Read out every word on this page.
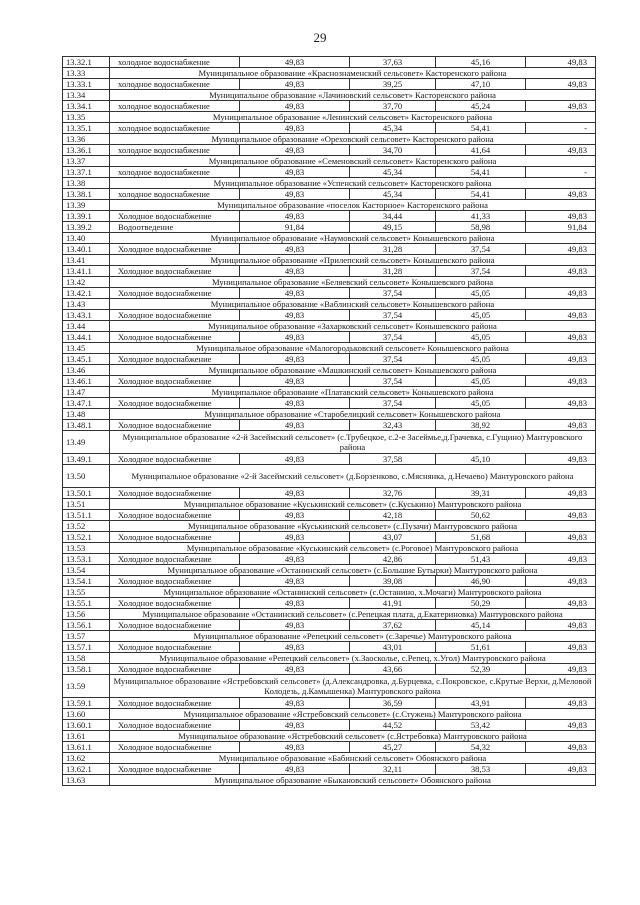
29
13.32.1	холодное водоснабжение	49,83	37,63	45,16	49,83
13.33	Муниципальное образование «Краснознаменский сельсовет» Касторенского района				
13.33.1	холодное водоснабжение	49,83	39,25	47,10	49,83
13.34	Муниципальное образование «Лачиновский сельсовет» Касторенского района				
13.34.1	холодное водоснабжение	49,83	37,70	45,24	49,83
13.35	Муниципальное образование «Ленинский сельсовет» Касторенского района				
13.35.1	холодное водоснабжение	49,83	45,34	54,41	-
13.36	Муниципальное образование «Ореховский сельсовет» Касторенского района				
13.36.1	холодное водоснабжение	49,83	34,70	41,64	49,83
13.37	Муниципальное образование «Семеновский сельсовет» Касторенского района				
13.37.1	холодное водоснабжение	49,83	45,34	54,41	-
13.38	Муниципальное образование «Успенский сельсовет» Касторенского района				
13.38.1	холодное водоснабжение	49,83	45,34	54,41	49,83
13.39	Муниципальное образование «поселок Касторное» Касторенского района				
13.39.1	Холодное водоснабжение	49,83	34,44	41,33	49,83
13.39.2	Водоотведение	91,84	49,15	58,98	91,84
13.40	Муниципальное образование «Наумовский сельсовет» Конышевского района				
13.40.1	Холодное водоснабжение	49,83	31,28	37,54	49,83
13.41	Муниципальное образование «Прилепский сельсовет» Конышевского района				
13.41.1	Холодное водоснабжение	49,83	31,28	37,54	49,83
13.42	Муниципальное образование «Беляевский сельсовет» Конышевского района				
13.42.1	Холодное водоснабжение	49,83	37,54	45,05	49,83
13.43	Муниципальное образование «Ваблинский сельсовет» Конышевского района				
13.43.1	Холодное водоснабжение	49,83	37,54	45,05	49,83
13.44	Муниципальное образование «Захарковский сельсовет» Конышевского района				
13.44.1	Холодное водоснабжение	49,83	37,54	45,05	49,83
13.45	Муниципальное образование «Малогородьковский сельсовет» Конышевского района				
13.45.1	Холодное водоснабжение	49,83	37,54	45,05	49,83
13.46	Муниципальное образование «Машкинский сельсовет» Конышевского района				
13.46.1	Холодное водоснабжение	49,83	37,54	45,05	49,83
13.47	Муниципальное образование «Платавский сельсовет» Конышевского района				
13.47.1	Холодное водоснабжение	49,83	37,54	45,05	49,83
13.48	Муниципальное образование «Старобелицкий сельсовет» Конышевского района				
13.48.1	Холодное водоснабжение	49,83	32,43	38,92	49,83
13.49	Муниципальное образование «2-й Засеймский сельсовет» (с.Трубецкое, с.2-е Засеймье,д.Грачевка, с.Гущино) Мантуровского района				
13.49.1	Холодное водоснабжение	49,83	37,58	45,10	49,83
13.50	Муниципальное образование «2-й Засеймский сельсовет» (д.Борзенково, с.Мяснянка, д.Нечаево) Мантуровского района				
13.50.1	Холодное водоснабжение	49,83	32,76	39,31	49,83
13.51	Муниципальное образование «Куськинский сельсовет» (с.Куськино) Мантуровского района				
13.51.1	Холодное водоснабжение	49,83	42,18	50,62	49,83
13.52	Муниципальное образование «Куськинский сельсовет» (с.Пузачи) Мантуровского района				
13.52.1	Холодное водоснабжение	49,83	43,07	51,68	49,83
13.53	Муниципальное образование «Куськинский сельсовет» (с.Роговое) Мантуровского района				
13.53.1	Холодное водоснабжение	49,83	42,86	51,43	49,83
13.54	Муниципальное образование «Останинский сельсовет» (с.Большие Бутырки) Мантуровского района				
13.54.1	Холодное водоснабжение	49,83	39,08	46,90	49,83
13.55	Муниципальное образование «Останинский сельсовет» (с.Останино, х.Мочаги) Мантуровского района				
13.55.1	Холодное водоснабжение	49,83	41,91	50,29	49,83
13.56	Муниципальное образование «Останинский сельсовет» (с.Репецкая плата, д.Екатериновка) Мантуровского района				
13.56.1	Холодное водоснабжение	49,83	37,62	45,14	49,83
13.57	Муниципальное образование «Репецкий сельсовет» (с.Заречье) Мантуровского района				
13.57.1	Холодное водоснабжение	49,83	43,01	51,61	49,83
13.58	Муниципальное образование «Репецкий сельсовет» (х.Заоскольe, с.Репец, х.Угол) Мантуровского района				
13.58.1	Холодное водоснабжение	49,83	43,66	52,39	49,83
13.59	Муниципальное образование «Ястребовский сельсовет» (д.Александровка, д.Бурцевка, с.Покровское, с.Крутые Верхи, д.Меловой Колодезь, д.Камышенка) Мантуровского района				
13.59.1	Холодное водоснабжение	49,83	36,59	43,91	49,83
13.60	Муниципальное образование «Ястребовский сельсовет» (с.Стужень) Мантуровского района				
13.60.1	Холодное водоснабжение	49,83	44,52	53,42	49,83
13.61	Муниципальное образование «Ястребовский сельсовет» (с.Ястребовка) Мантуровского района				
13.61.1	Холодное водоснабжение	49,83	45,27	54,32	49,83
13.62	Муниципальное образование «Бабинский сельсовет» Обоянского района				
13.62.1	Холодное водоснабжение	49,83	32,11	38,53	49,83
13.63	Муниципальное образование «Быкановский сельсовет» Обоянского района				
